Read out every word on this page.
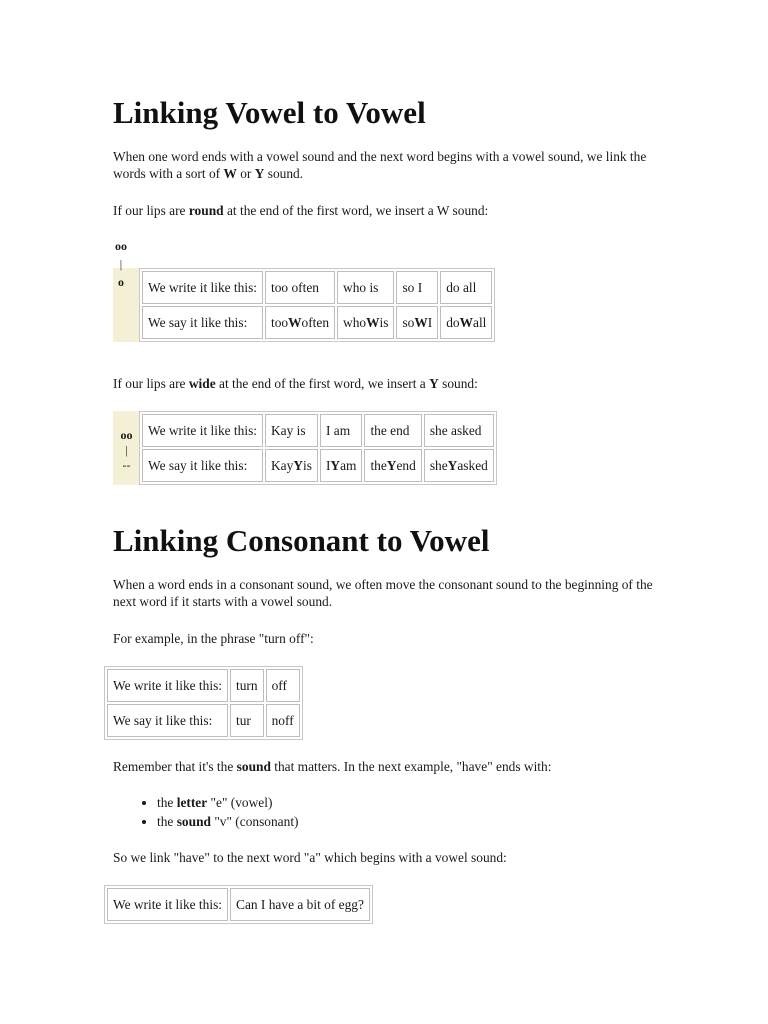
Linking Vowel to Vowel

When one word ends with a vowel sound and the next word begins with a vowel sound, we link the words with a sort of W or Y sound.

If our lips are round at the end of the first word, we insert a W sound:

oo
|
o	We write it like this:	too often	who is	so I	do all
We say it like this:	tooWoften	whoWis	soWI	doWall

If our lips are wide at the end of the first word, we insert a Y sound:

oo
|
--
We write it like this:	Kay is	I am	the end	she asked
We say it like this:	KayYis	IYam	theYend	sheYasked
Linking Consonant to Vowel

When a word ends in a consonant sound, we often move the consonant sound to the beginning of the next word if it starts with a vowel sound.

For example, in the phrase "turn off":

We write it like this:	turn	off
We say it like this:	tur	noff

Remember that it's the sound that matters. In the next example, "have" ends with:

• the letter "e" (vowel)
• the sound "v" (consonant)

So we link "have" to the next word "a" which begins with a vowel sound:

We write it like this:	Can I have a bit of egg?
